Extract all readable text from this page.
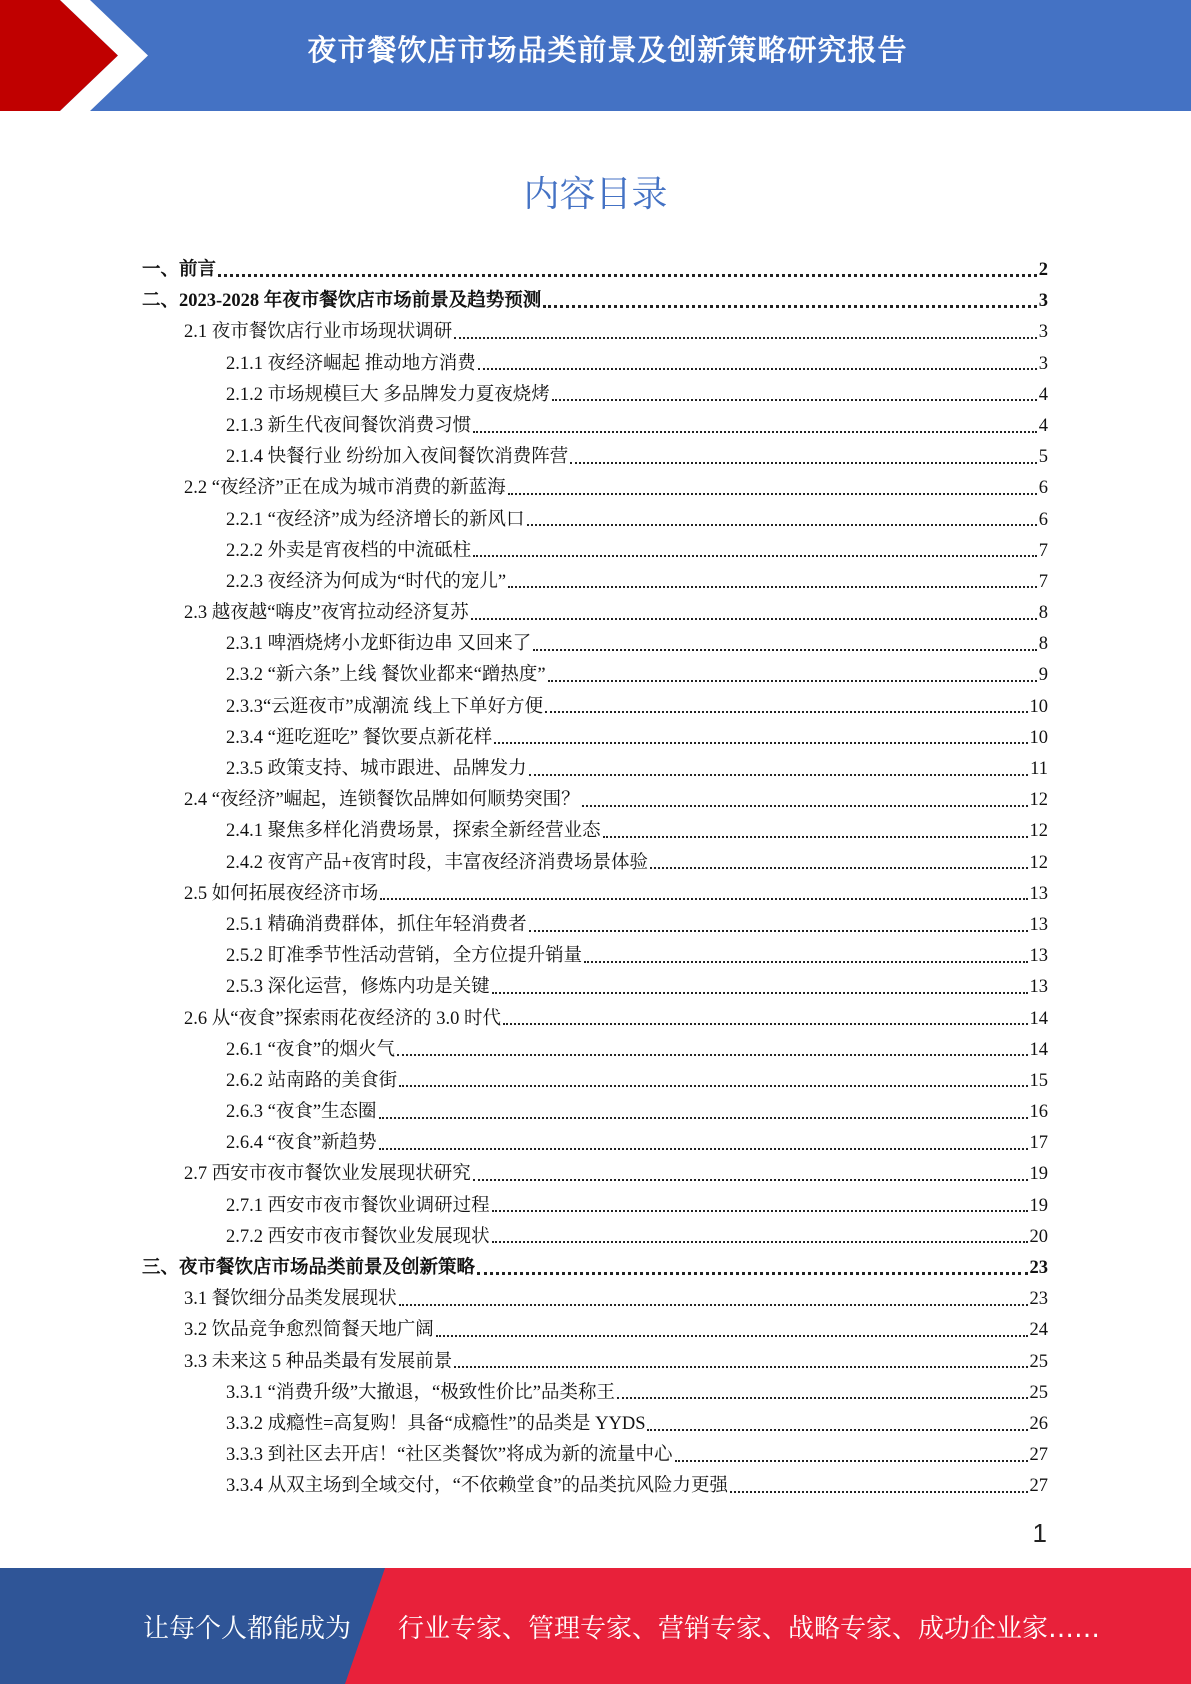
夜市餐饮店市场品类前景及创新策略研究报告
内容目录
一、前言	2
二、2023-2028 年夜市餐饮店市场前景及趋势预测	3
2.1 夜市餐饮店行业市场现状调研	3
2.1.1 夜经济崛起 推动地方消费	3
2.1.2 市场规模巨大 多品牌发力夏夜烧烤	4
2.1.3 新生代夜间餐饮消费习惯	4
2.1.4 快餐行业 纷纷加入夜间餐饮消费阵营	5
2.2 “夜经济”正在成为城市消费的新蓝海	6
2.2.1 “夜经济”成为经济增长的新风口	6
2.2.2 外卖是宵夜档的中流砥柱	7
2.2.3 夜经济为何成为“时代的宠儿”	7
2.3 越夜越“嗨皮”夜宵拉动经济复苏	8
2.3.1 啤酒烧烤小龙虾街边串 又回来了	8
2.3.2 “新六条”上线 餐饮业都来“蹭热度”	9
2.3.3“云逛夜市”成潮流 线上下单好方便	10
2.3.4 “逛吃逛吃” 餐饮要点新花样	10
2.3.5 政策支持、城市跟进、品牌发力	11
2.4 “夜经济”崛起，连锁餐饮品牌如何顺势突围？	12
2.4.1 聚焦多样化消费场景，探索全新经营业态	12
2.4.2 夜宵产品+夜宵时段，丰富夜经济消费场景体验	12
2.5 如何拓展夜经济市场	13
2.5.1 精确消费群体，抓住年轻消费者	13
2.5.2 盯准季节性活动营销，全方位提升销量	13
2.5.3 深化运营，修炼内功是关键	13
2.6 从“夜食”探索雨花夜经济的 3.0 时代	14
2.6.1 “夜食”的烟火气	14
2.6.2 站南路的美食街	15
2.6.3 “夜食”生态圈	16
2.6.4 “夜食”新趋势	17
2.7 西安市夜市餐饮业发展现状研究	19
2.7.1 西安市夜市餐饮业调研过程	19
2.7.2 西安市夜市餐饮业发展现状	20
三、夜市餐饮店市场品类前景及创新策略	23
3.1 餐饮细分品类发展现状	23
3.2 饮品竞争愈烈简餐天地广阔	24
3.3 未来这 5 种品类最有发展前景	25
3.3.1 “消费升级”大撤退，“极致性价比”品类称王	25
3.3.2 成瘾性=高复购！具备“成瘾性”的品类是 YYDS	26
3.3.3 到社区去开店！“社区类餐饮”将成为新的流量中心	27
3.3.4 从双主场到全域交付，“不依赖堂食”的品类抗风险力更强	27
1
让每个人都能成为 行业专家、管理专家、营销专家、战略专家、成功企业家……
